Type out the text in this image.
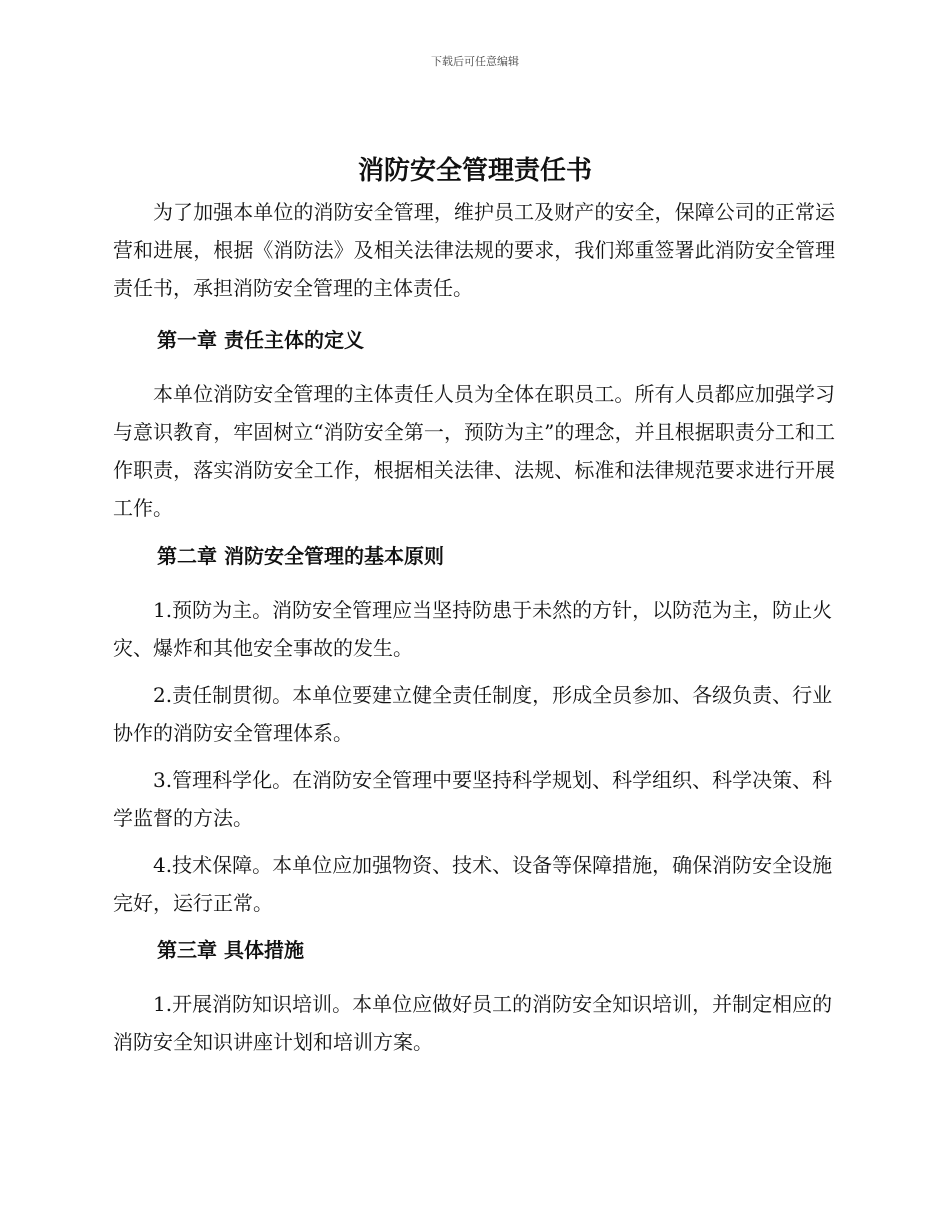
下载后可任意编辑
消防安全管理责任书

为了加强本单位的消防安全管理，维护员工及财产的安全，保障公司的正常运营和进展，根据《消防法》及相关法律法规的要求，我们郑重签署此消防安全管理责任书，承担消防安全管理的主体责任。

第一章 责任主体的定义

本单位消防安全管理的主体责任人员为全体在职员工。所有人员都应加强学习与意识教育，牢固树立“消防安全第一，预防为主”的理念，并且根据职责分工和工作职责，落实消防安全工作，根据相关法律、法规、标准和法律规范要求进行开展工作。

第二章 消防安全管理的基本原则

1.预防为主。消防安全管理应当坚持防患于未然的方针，以防范为主，防止火灾、爆炸和其他安全事故的发生。

2.责任制贯彻。本单位要建立健全责任制度，形成全员参加、各级负责、行业协作的消防安全管理体系。

3.管理科学化。在消防安全管理中要坚持科学规划、科学组织、科学决策、科学监督的方法。

4.技术保障。本单位应加强物资、技术、设备等保障措施，确保消防安全设施完好，运行正常。

第三章 具体措施

1.开展消防知识培训。本单位应做好员工的消防安全知识培训，并制定相应的消防安全知识讲座计划和培训方案。
